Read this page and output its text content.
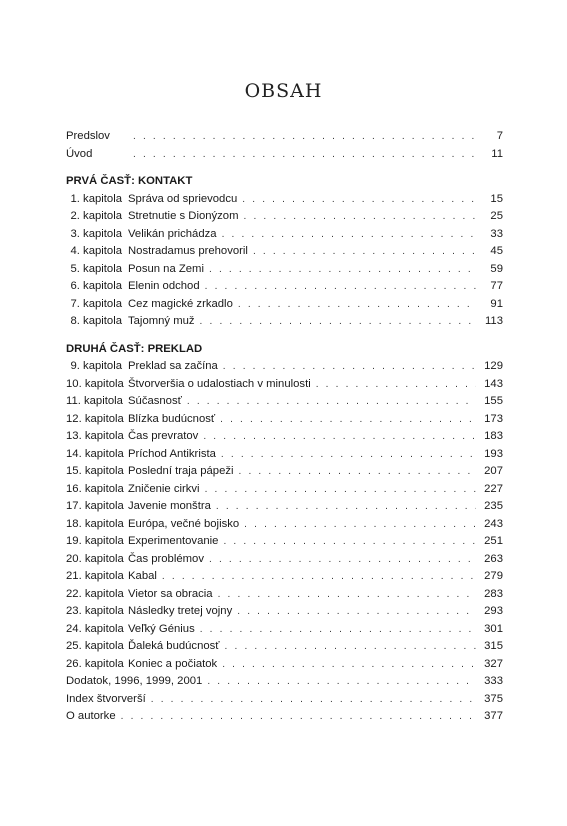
OBSAH
Predslov . . .	7
Úvod . . .	11
PRVÁ ČASŤ: KONTAKT
1. kapitola Správa od sprievodcu . . .	15
2. kapitola Stretnutie s Dionýzom . . .	25
3. kapitola Velikán prichádza . . .	33
4. kapitola Nostradamus prehovoril . . .	45
5. kapitola Posun na Zemi . . .	59
6. kapitola Elenin odchod . . .	77
7. kapitola Cez magické zrkadlo . . .	91
8. kapitola Tajomný muž . . .	113
DRUHÁ ČASŤ: PREKLAD
9. kapitola Preklad sa začína . . .	129
10. kapitola Štvorveršia o udalostiach v minulosti . . .	143
11. kapitola Súčasnosť . . .	155
12. kapitola Blízka budúcnosť . . .	173
13. kapitola Čas prevratov . . .	183
14. kapitola Príchod Antikrista . . .	193
15. kapitola Poslední traja pápeži . . .	207
16. kapitola Zničenie cirkvi . . .	227
17. kapitola Javenie monštra . . .	235
18. kapitola Európa, večné bojisko . . .	243
19. kapitola Experimentovanie . . .	251
20. kapitola Čas problémov . . .	263
21. kapitola Kabal . . .	279
22. kapitola Vietor sa obracia . . .	283
23. kapitola Následky tretej vojny . . .	293
24. kapitola Veľký Génius . . .	301
25. kapitola Ďaleká budúcnosť . . .	315
26. kapitola Koniec a počiatok . . .	327
Dodatok, 1996, 1999, 2001 . . .	333
Index štvorverší . . .	375
O autorke . . .	377
